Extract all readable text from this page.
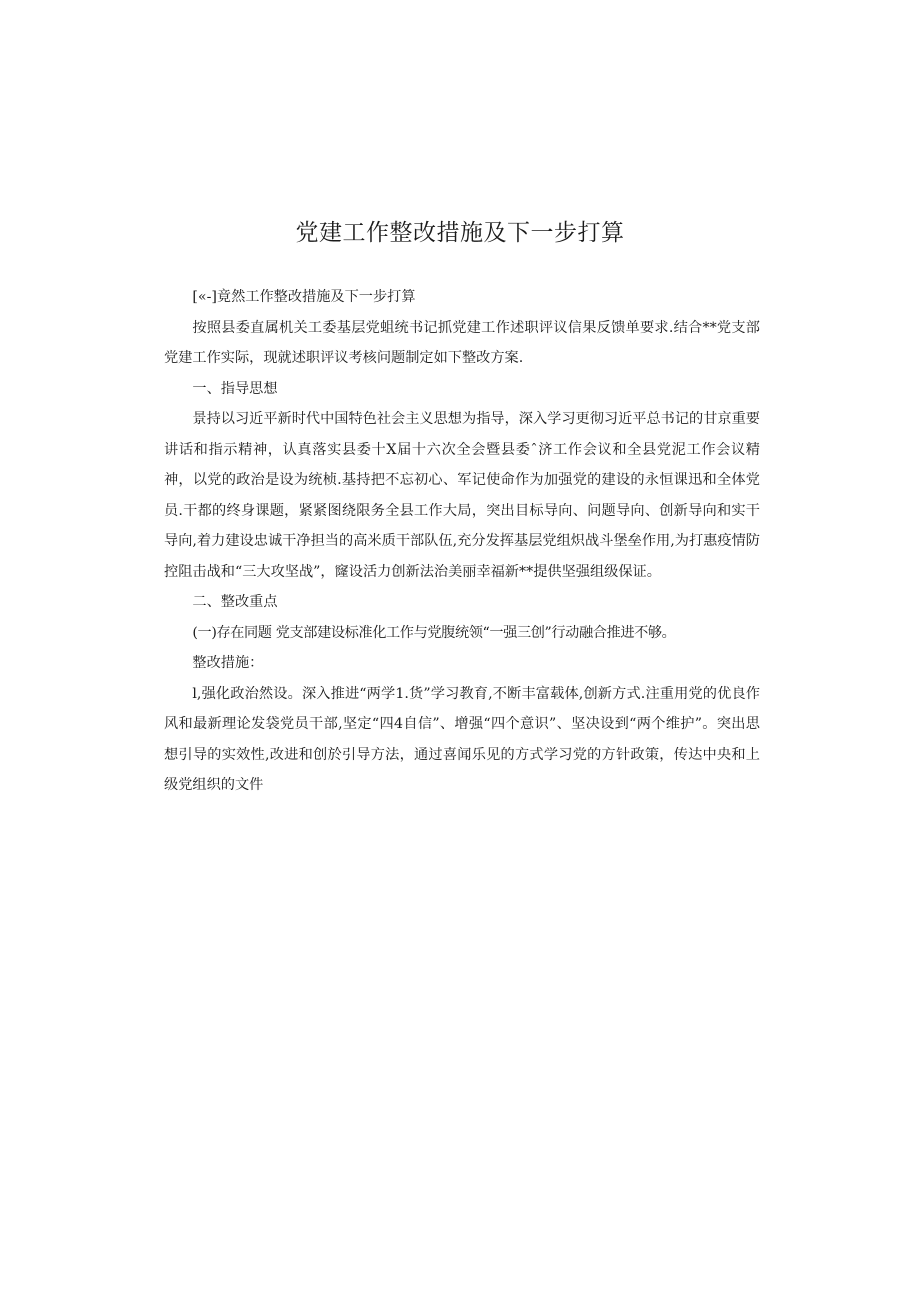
党建工作整改措施及下一步打算

[«-]竟然工作整改措施及下一步打算

按照县委直属机关工委基层党蛆统书记抓党建工作述职评议信果反馈单要求.结合**党支部党建工作实际，现就述职评议考核问题制定如下整改方案.

一、指导思想

景持以习近平新时代中国特色社会主义思想为指导，深入学习更彻习近平总书记的甘京重要讲话和指示精神，认真落实县委十X届十六次全会暨县委ˆ济工作会议和全县党泥工作会议精神，以党的政治是设为统桢.基持把不忘初心、军记使命作为加强党的建设的永恒课迅和全体党员.干都的终身课题，紧紧图绕限务全县工作大局，突出目标导向、问题导向、创新导向和实干导向,着力建设忠诚干净担当的高米质干部队伍,充分发挥基层党组炽战斗堡垒作用,为打惠疫情防控阻击战和“三大攻坚战”，窿设活力创新法治美丽幸福新**提供坚强组级保证。

二、整改重点

(一)存在同题 党支部建设标准化工作与党腹统领“一强三创”行动融合推进不够。

整改措施：

l,强化政治然设。深入推进“两学1.货”学习教育,不断丰富载体,创新方式.注重用党的优良作风和最新理论发袋党员干部,坚定“四4自信”、增强“四个意识”、坚决设到“两个维护”。突出思想引导的实效性,改进和创於引导方法，通过喜闻乐见的方式学习党的方针政策，传达中央和上级党组织的文件
